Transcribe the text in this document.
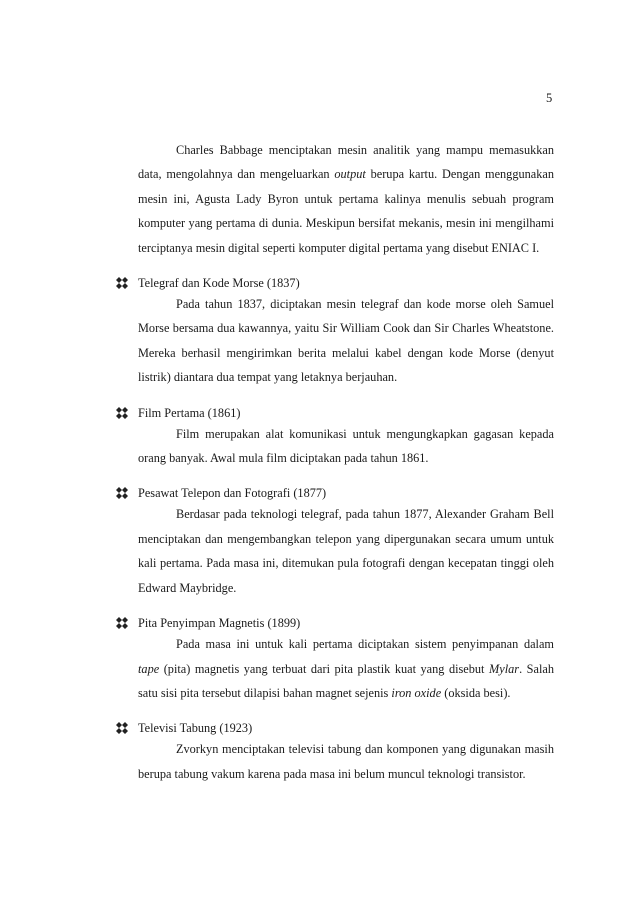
5

Charles Babbage menciptakan mesin analitik yang mampu memasukkan data, mengolahnya dan mengeluarkan output berupa kartu. Dengan menggunakan mesin ini, Agusta Lady Byron untuk pertama kalinya menulis sebuah program komputer yang pertama di dunia. Meskipun bersifat mekanis, mesin ini mengilhami terciptanya mesin digital seperti komputer digital pertama yang disebut ENIAC I.

Telegraf dan Kode Morse (1837)

Pada tahun 1837, diciptakan mesin telegraf dan kode morse oleh Samuel Morse bersama dua kawannya, yaitu Sir William Cook dan Sir Charles Wheatstone. Mereka berhasil mengirimkan berita melalui kabel dengan kode Morse (denyut listrik) diantara dua tempat yang letaknya berjauhan.

Film Pertama (1861)

Film merupakan alat komunikasi untuk mengungkapkan gagasan kepada orang banyak. Awal mula film diciptakan pada tahun 1861.

Pesawat Telepon dan Fotografi (1877)

Berdasar pada teknologi telegraf, pada tahun 1877, Alexander Graham Bell menciptakan dan mengembangkan telepon yang dipergunakan secara umum untuk kali pertama. Pada masa ini, ditemukan pula fotografi dengan kecepatan tinggi oleh Edward Maybridge.

Pita Penyimpan Magnetis (1899)

Pada masa ini untuk kali pertama diciptakan sistem penyimpanan dalam tape (pita) magnetis yang terbuat dari pita plastik kuat yang disebut Mylar. Salah satu sisi pita tersebut dilapisi bahan magnet sejenis iron oxide (oksida besi).

Televisi Tabung (1923)

Zvorkyn menciptakan televisi tabung dan komponen yang digunakan masih berupa tabung vakum karena pada masa ini belum muncul teknologi transistor.
